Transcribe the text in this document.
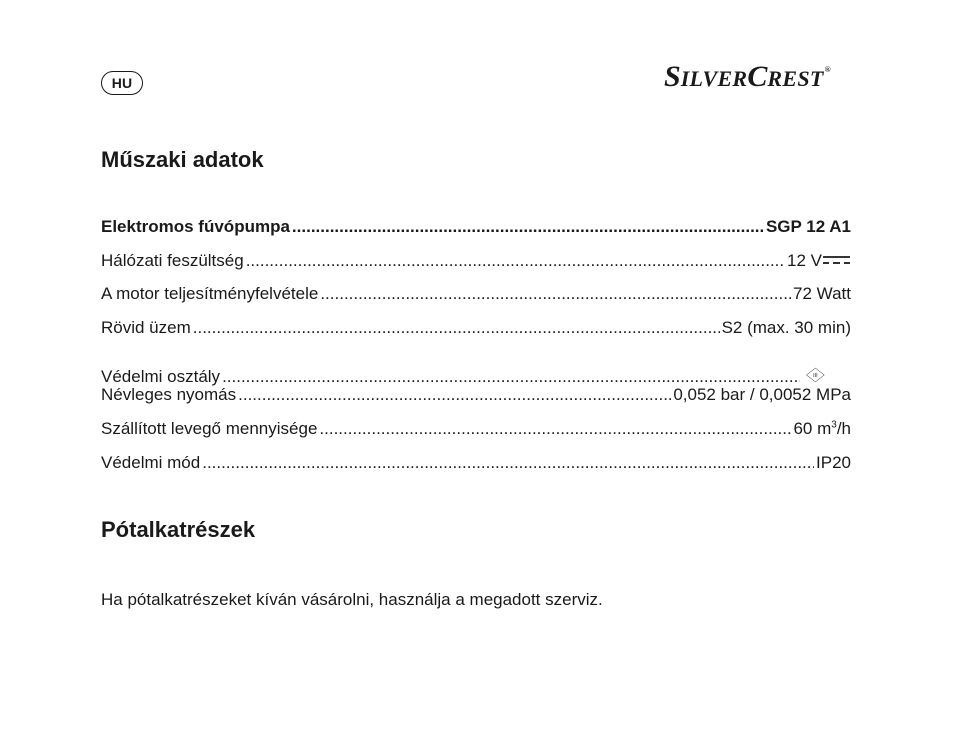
HU	SILVERCREST®
Műszaki adatok
Elektromos fúvópumpa .....	SGP 12 A1
Hálózati feszültség .....	12 V
A motor teljesítményfelvétele .....	72 Watt
Rövid üzem .....	S2 (max. 30 min)
Védelmi osztály .....	III
Névleges nyomás .....	0,052 bar / 0,0052 MPa
Szállított levegő mennyisége .....	60 $m^3/h$
Védelmi mód .....	IP20
Pótalkatrészek

Ha pótalkatrészeket kíván vásárolni, használja a megadott szerviz.
